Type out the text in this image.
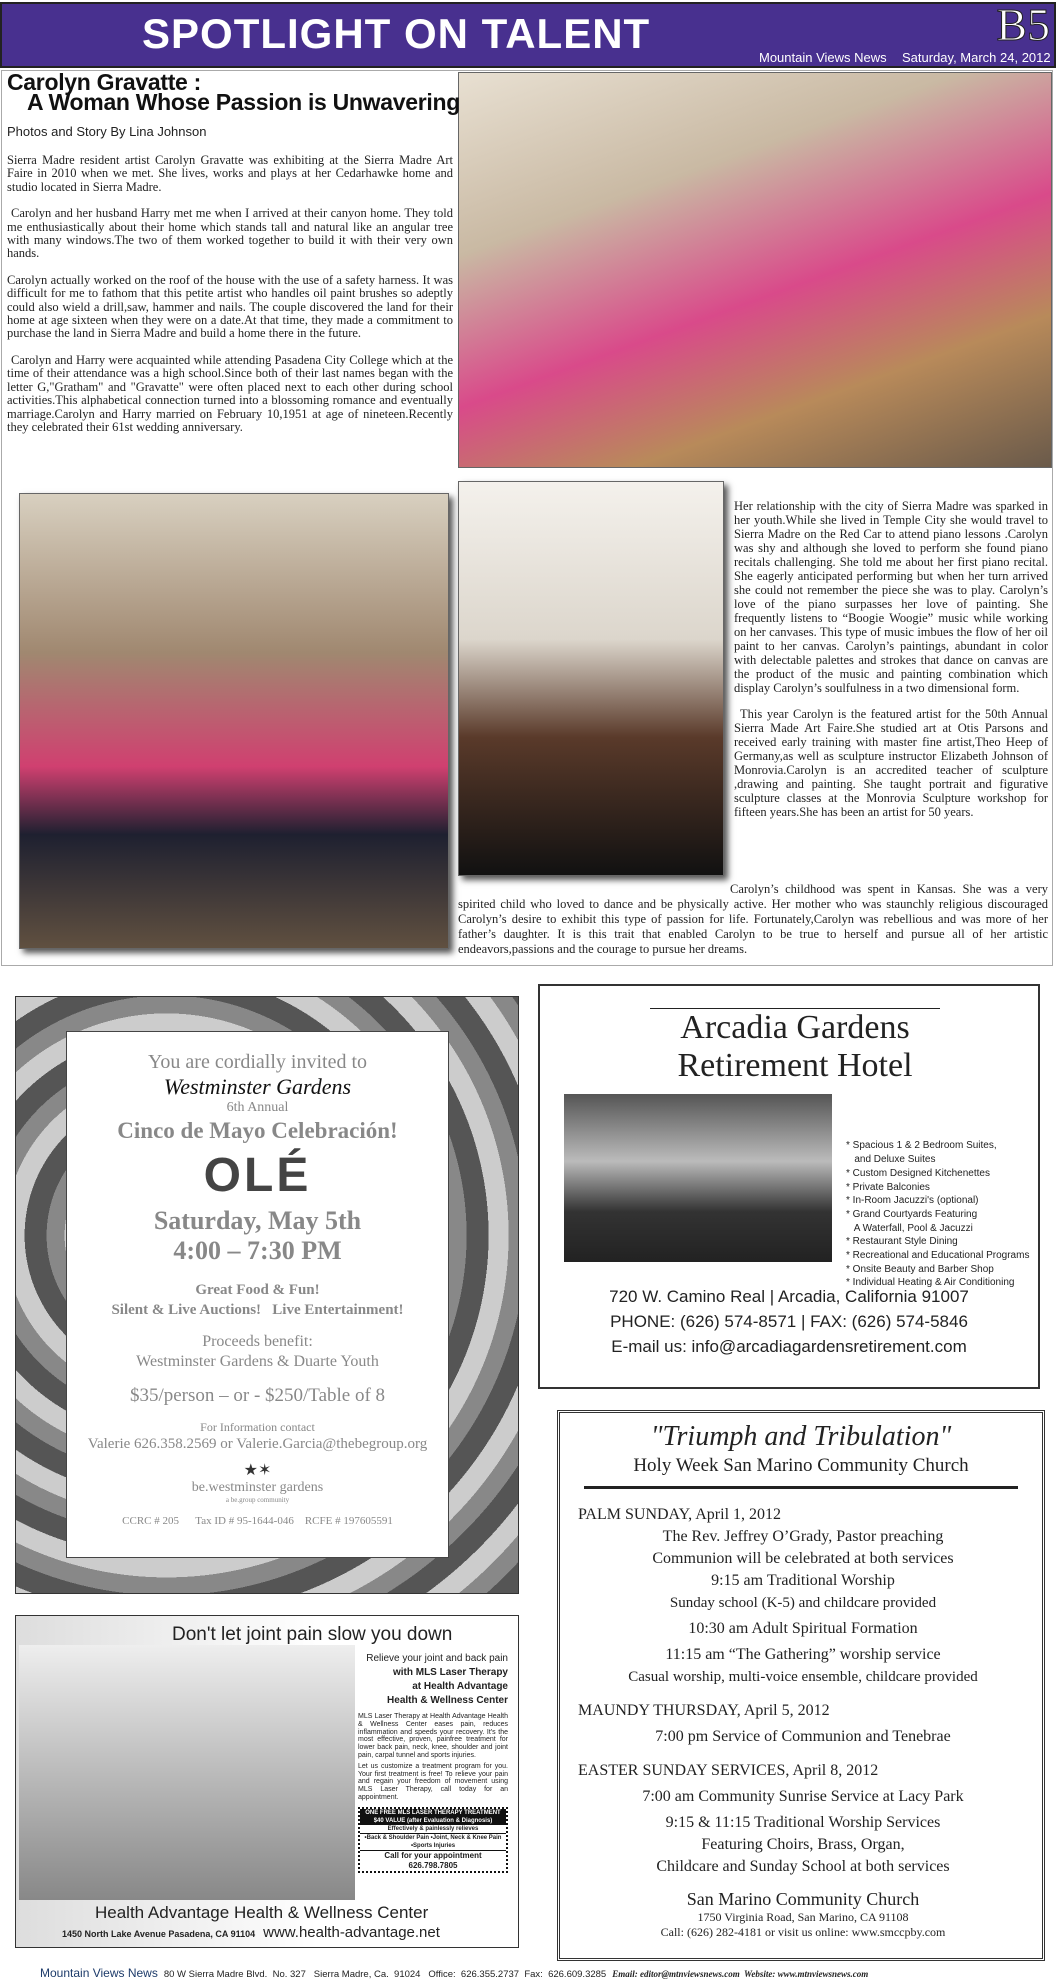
SPOTLIGHT ON TALENT	B5
Mountain Views News Saturday, March 24, 2012
Carolyn Gravatte :
A Woman Whose Passion is Unwavering
Photos and Story By Lina Johnson

Sierra Madre resident artist Carolyn Gravatte was exhibiting at the Sierra Madre Art Faire in 2010 when we met. She lives, works and plays at her Cedarhawke home and studio located in Sierra Madre.

Carolyn and her husband Harry met me when I arrived at their canyon home. They told me enthusiastically about their home which stands tall and natural like an angular tree with many windows.The two of them worked together to build it with their very own hands.

Carolyn actually worked on the roof of the house with the use of a safety harness. It was difficult for me to fathom that this petite artist who handles oil paint brushes so adeptly could also wield a drill,saw, hammer and nails. The couple discovered the land for their home at age sixteen when they were on a date.At that time, they made a commitment to purchase the land in Sierra Madre and build a home there in the future.

Carolyn and Harry were acquainted while attending Pasadena City College which at the time of their attendance was a high school.Since both of their last names began with the letter G,"Gratham" and "Gravatte" were often placed next to each other during school activities.This alphabetical connection turned into a blossoming romance and eventually marriage.Carolyn and Harry married on February 10,1951 at age of nineteen.Recently they celebrated their 61st wedding anniversary.

Her relationship with the city of Sierra Madre was sparked in her youth.While she lived in Temple City she would travel to Sierra Madre on the Red Car to attend piano lessons .Carolyn was shy and although she loved to perform she found piano recitals challenging. She told me about her first piano recital. She eagerly anticipated performing but when her turn arrived she could not remember the piece she was to play. Carolyn’s love of the piano surpasses her love of painting. She frequently listens to “Boogie Woogie” music while working on her canvases. This type of music imbues the flow of her oil paint to her canvas. Carolyn’s paintings, abundant in color with delectable palettes and strokes that dance on canvas are the product of the music and painting combination which display Carolyn’s soulfulness in a two dimensional form.

This year Carolyn is the featured artist for the 50th Annual Sierra Made Art Faire.She studied art at Otis Parsons and received early training with master fine artist,Theo Heep of Germany,as well as sculpture instructor Elizabeth Johnson of Monrovia.Carolyn is an accredited teacher of sculpture ,drawing and painting. She taught portrait and figurative sculpture classes at the Monrovia Sculpture workshop for fifteen years.She has been an artist for 50 years.

Carolyn’s childhood was spent in Kansas. She was a very spirited child who loved to dance and be physically active. Her mother who was staunchly religious discouraged Carolyn’s desire to exhibit this type of passion for life. Fortunately,Carolyn was rebellious and was more of her father’s daughter. It is this trait that enabled Carolyn to be true to herself and pursue all of her artistic endeavors,passions and the courage to pursue her dreams.

You are cordially invited to
Westminster Gardens
6th Annual
Cinco de Mayo Celebración!
OLÉ
Saturday, May 5th
4:00 – 7:30 PM
Great Food & Fun!
Silent & Live Auctions!   Live Entertainment!
Proceeds benefit:
Westminster Gardens & Duarte Youth
$35/person – or - $250/Table of 8
For Information contact
Valerie 626.358.2569 or Valerie.Garcia@thebegroup.org
★✶
be.westminster gardens
a be.group community
CCRC # 205      Tax ID # 95-1644-046    RCFE # 197605591
Arcadia Gardens
Retirement Hotel

* Spacious 1 & 2 Bedroom Suites,
and Deluxe Suites
* Custom Designed Kitchenettes
* Private Balconies
* In-Room Jacuzzi's (optional)
* Grand Courtyards Featuring
A Waterfall, Pool & Jacuzzi
* Restaurant Style Dining
* Recreational and Educational Programs
* Onsite Beauty and Barber Shop
* Individual Heating & Air Conditioning

720 W. Camino Real | Arcadia, California 91007
PHONE: (626) 574-8571 | FAX: (626) 574-5846
E-mail us: info@arcadiagardensretirement.com
Don't let joint pain slow you down
Relieve your joint and back pain
with MLS Laser Therapy
at Health Advantage
Health & Wellness Center

MLS Laser Therapy at Health Advantage Health & Wellness Center eases pain, reduces inflammation and speeds your recovery. It's the most effective, proven, painfree treatment for lower back pain, neck, knee, shoulder and joint pain, carpal tunnel and sports injuries.

Let us customize a treatment program for you. Your first treatment is free! To relieve your pain and regain your freedom of movement using MLS Laser Therapy, call today for an appointment.

ONE FREE MLS LASER THERAPY TREATMENT
$40 VALUE (after Evaluation & Diagnosis)
Effectively & painlessly relieves
•Back & Shoulder Pain •Joint, Neck & Knee Pain •Sports Injuries
Call for your appointment 626.798.7805
Health Advantage Health & Wellness Center
1450 North Lake Avenue Pasadena, CA 91104 www.health-advantage.net
"Triumph and Tribulation"
Holy Week San Marino Community Church
PALM SUNDAY, April 1, 2012
The Rev. Jeffrey O’Grady, Pastor preaching
Communion will be celebrated at both services
9:15 am Traditional Worship
Sunday school (K-5) and childcare provided
10:30 am Adult Spiritual Formation
11:15 am “The Gathering” worship service
Casual worship, multi-voice ensemble, childcare provided
MAUNDY THURSDAY, April 5, 2012
7:00 pm Service of Communion and Tenebrae
EASTER SUNDAY SERVICES, April 8, 2012
7:00 am Community Sunrise Service at Lacy Park
9:15 & 11:15 Traditional Worship Services
Featuring Choirs, Brass, Organ,
Childcare and Sunday School at both services
San Marino Community Church
1750 Virginia Road, San Marino, CA 91108
Call: (626) 282-4181 or visit us online: www.smccpby.com
Mountain Views News 80 W Sierra Madre Blvd.  No. 327   Sierra Madre, Ca.  91024   Office:  626.355.2737  Fax:  626.609.3285 Email: editor@mtnviewsnews.com  Website: www.mtnviewsnews.com
